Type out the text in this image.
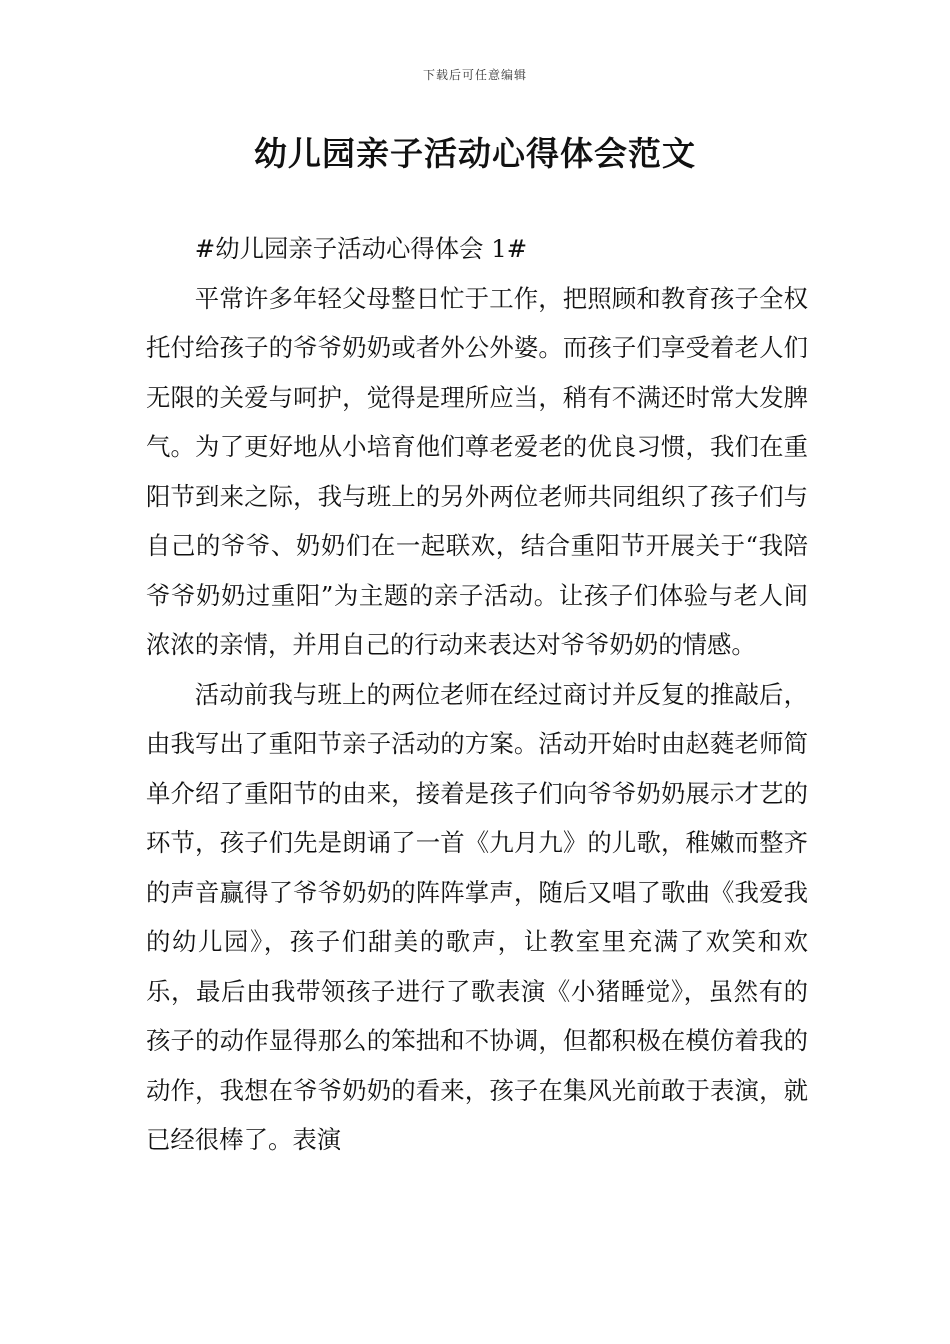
下载后可任意编辑
幼儿园亲子活动心得体会范文
#幼儿园亲子活动心得体会 1#

平常许多年轻父母整日忙于工作，把照顾和教育孩子全权托付给孩子的爷爷奶奶或者外公外婆。而孩子们享受着老人们无限的关爱与呵护，觉得是理所应当，稍有不满还时常大发脾气。为了更好地从小培育他们尊老爱老的优良习惯，我们在重阳节到来之际，我与班上的另外两位老师共同组织了孩子们与自己的爷爷、奶奶们在一起联欢，结合重阳节开展关于“我陪爷爷奶奶过重阳”为主题的亲子活动。让孩子们体验与老人间浓浓的亲情，并用自己的行动来表达对爷爷奶奶的情感。

活动前我与班上的两位老师在经过商讨并反复的推敲后，由我写出了重阳节亲子活动的方案。活动开始时由赵蕤老师简单介绍了重阳节的由来，接着是孩子们向爷爷奶奶展示才艺的环节，孩子们先是朗诵了一首《九月九》的儿歌，稚嫩而整齐的声音赢得了爷爷奶奶的阵阵掌声，随后又唱了歌曲《我爱我的幼儿园》，孩子们甜美的歌声，让教室里充满了欢笑和欢乐，最后由我带领孩子进行了歌表演《小猪睡觉》，虽然有的孩子的动作显得那么的笨拙和不协调，但都积极在模仿着我的动作，我想在爷爷奶奶的看来，孩子在集风光前敢于表演，就已经很棒了。表演
